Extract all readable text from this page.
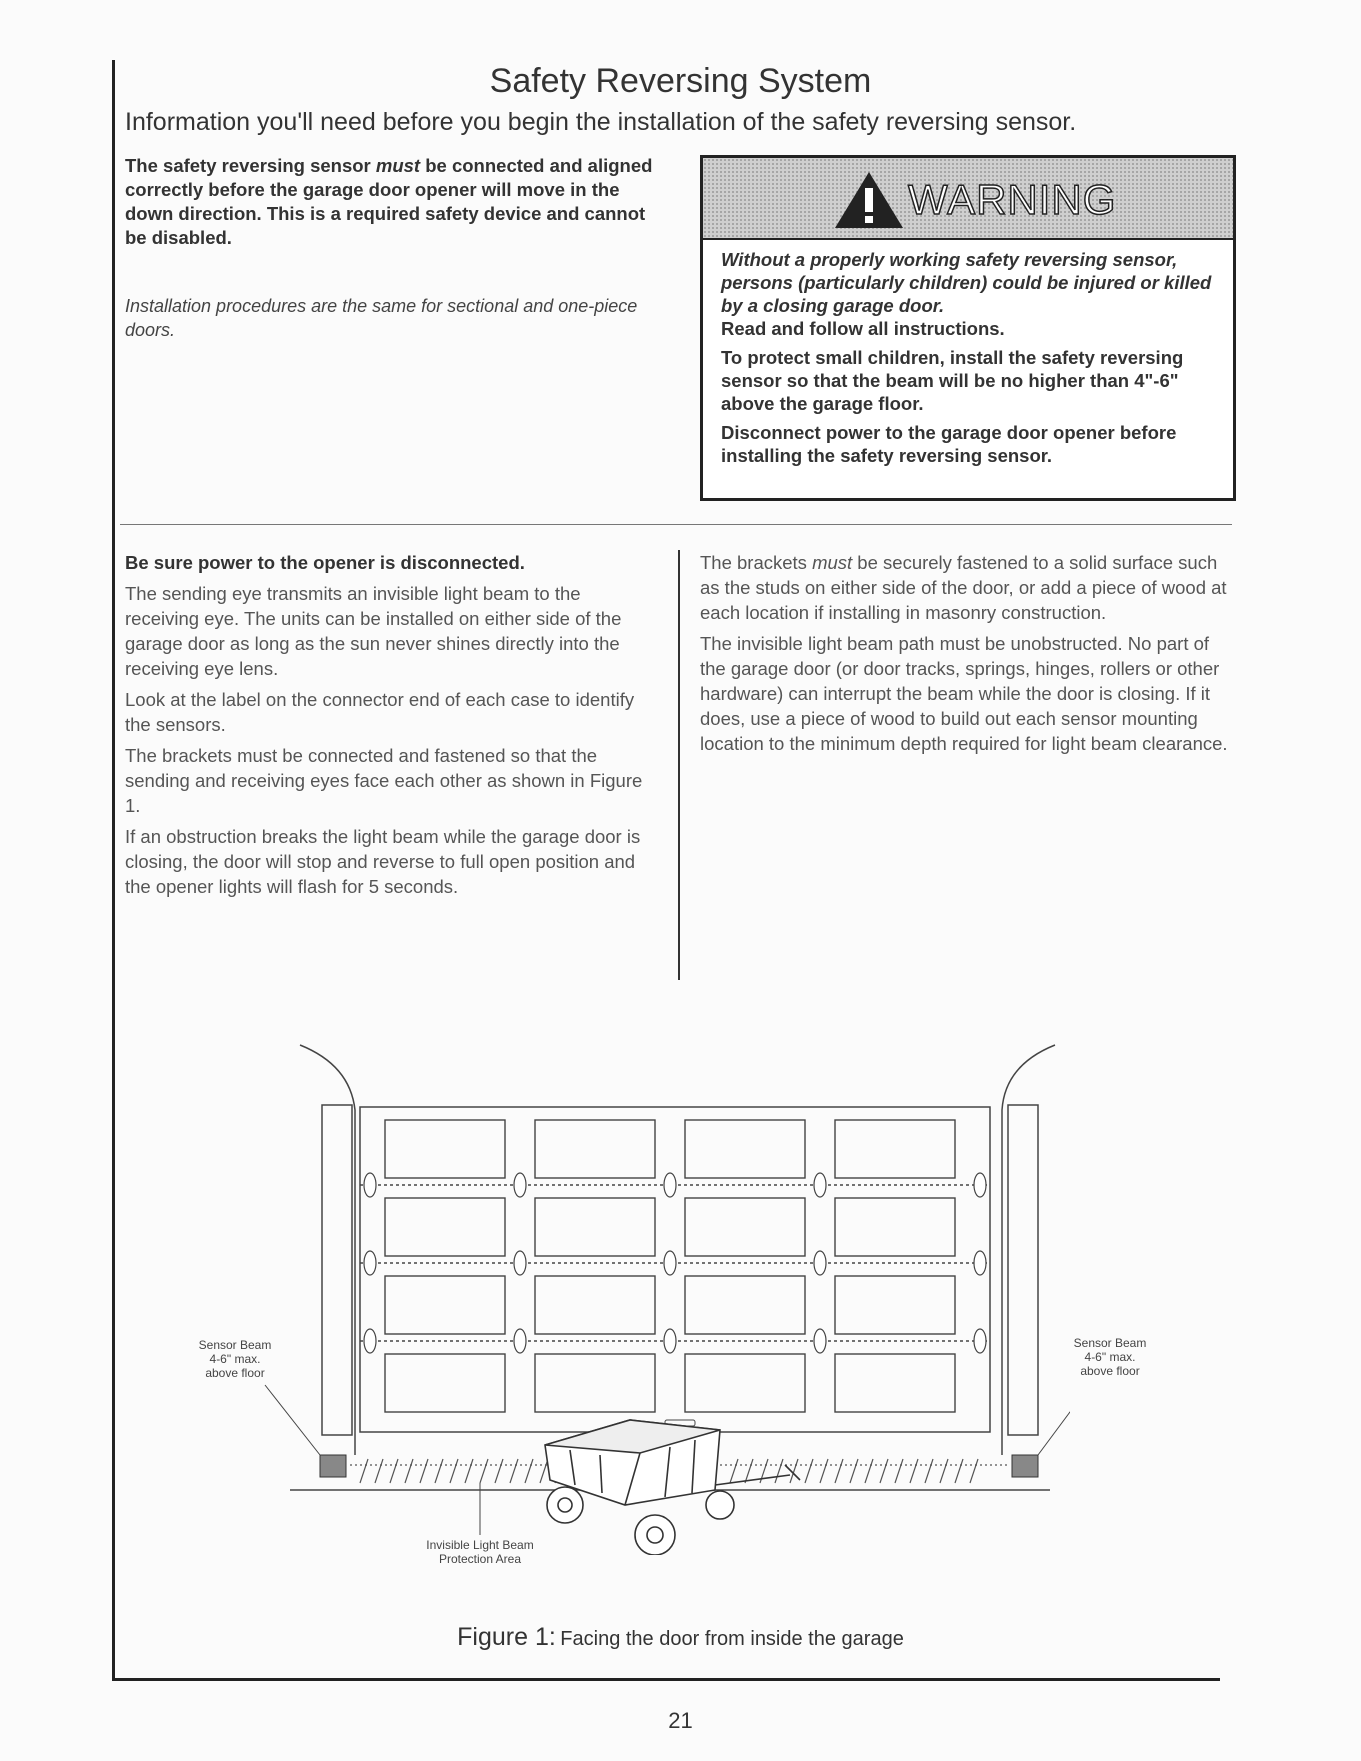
Safety Reversing System
Information you'll need before you begin the installation of the safety reversing sensor.
The safety reversing sensor must be connected and aligned correctly before the garage door opener will move in the down direction. This is a required safety device and cannot be disabled.
Installation procedures are the same for sectional and one-piece doors.
WARNING

Without a properly working safety reversing sensor, persons (particularly children) could be injured or killed by a closing garage door.

Read and follow all instructions.

To protect small children, install the safety reversing sensor so that the beam will be no higher than 4"-6" above the garage floor.

Disconnect power to the garage door opener before installing the safety reversing sensor.

Be sure power to the opener is disconnected.

The sending eye transmits an invisible light beam to the receiving eye. The units can be installed on either side of the garage door as long as the sun never shines directly into the receiving eye lens.

Look at the label on the connector end of each case to identify the sensors.

The brackets must be connected and fastened so that the sending and receiving eyes face each other as shown in Figure 1.

If an obstruction breaks the light beam while the garage door is closing, the door will stop and reverse to full open position and the opener lights will flash for 5 seconds.

The brackets must be securely fastened to a solid surface such as the studs on either side of the door, or add a piece of wood at each location if installing in masonry construction.

The invisible light beam path must be unobstructed. No part of the garage door (or door tracks, springs, hinges, rollers or other hardware) can interrupt the beam while the door is closing. If it does, use a piece of wood to build out each sensor mounting location to the minimum depth required for light beam clearance.

Sensor Beam
4-6" max.
above floor
Sensor Beam
4-6" max.
above floor
Invisible Light Beam
Protection Area
Figure 1: Facing the door from inside the garage
21
